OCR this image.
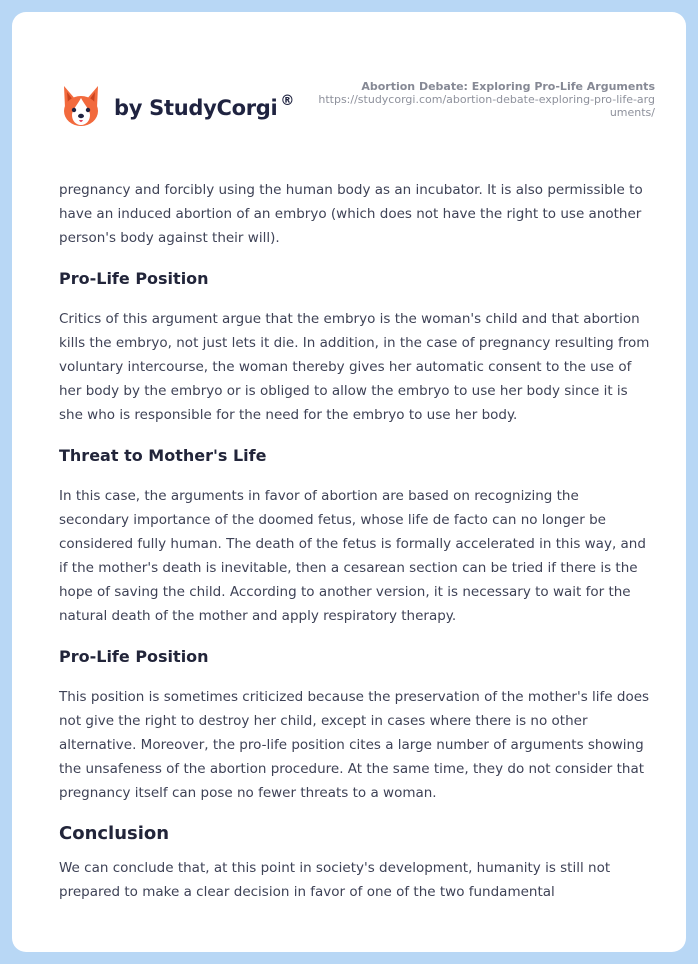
by StudyCorgi ®
Abortion Debate: Exploring Pro-Life Arguments
https://studycorgi.com/abortion-debate-exploring-pro-life-arguments/

pregnancy and forcibly using the human body as an incubator. It is also permissible to have an induced abortion of an embryo (which does not have the right to use another person's body against their will).

Pro-Life Position

Critics of this argument argue that the embryo is the woman's child and that abortion kills the embryo, not just lets it die. In addition, in the case of pregnancy resulting from voluntary intercourse, the woman thereby gives her automatic consent to the use of her body by the embryo or is obliged to allow the embryo to use her body since it is she who is responsible for the need for the embryo to use her body.

Threat to Mother's Life

In this case, the arguments in favor of abortion are based on recognizing the secondary importance of the doomed fetus, whose life de facto can no longer be considered fully human. The death of the fetus is formally accelerated in this way, and if the mother's death is inevitable, then a cesarean section can be tried if there is the hope of saving the child. According to another version, it is necessary to wait for the natural death of the mother and apply respiratory therapy.

Pro-Life Position

This position is sometimes criticized because the preservation of the mother's life does not give the right to destroy her child, except in cases where there is no other alternative. Moreover, the pro-life position cites a large number of arguments showing the unsafeness of the abortion procedure. At the same time, they do not consider that pregnancy itself can pose no fewer threats to a woman.

Conclusion

We can conclude that, at this point in society's development, humanity is still not prepared to make a clear decision in favor of one of the two fundamental
